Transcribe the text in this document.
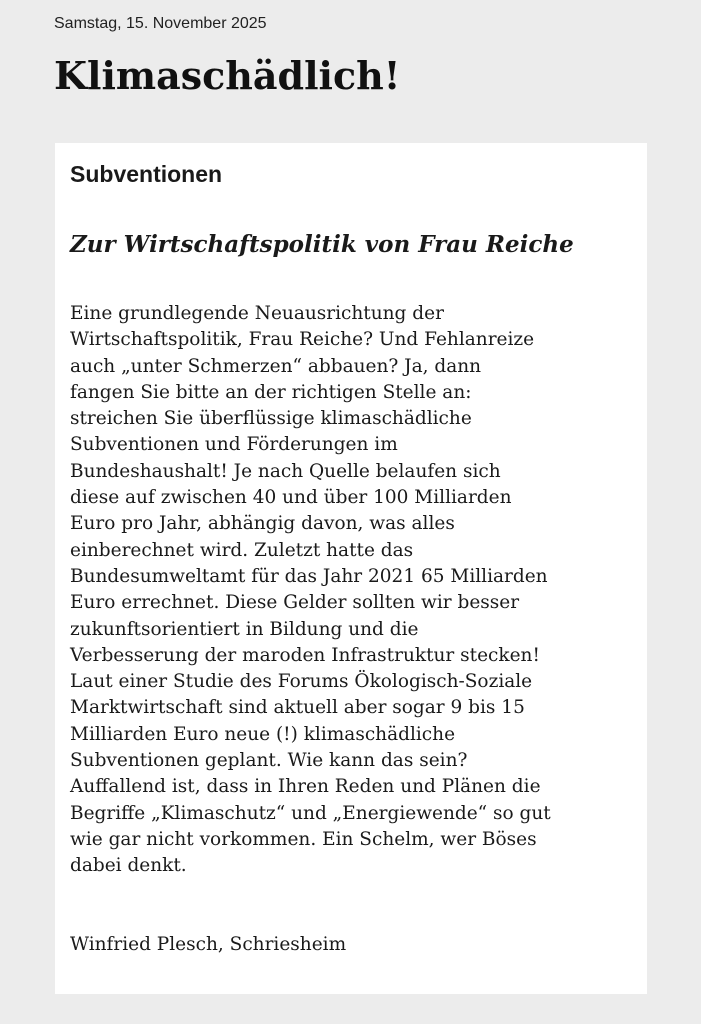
Samstag, 15. November 2025

Klimaschädlich!
Subventionen
Zur Wirtschaftspolitik von Frau Reiche
Eine grundlegende Neuausrichtung der
Wirtschaftspolitik, Frau Reiche? Und Fehlanreize
auch „unter Schmerzen“ abbauen? Ja, dann
fangen Sie bitte an der richtigen Stelle an:
streichen Sie überflüssige klimaschädliche
Subventionen und Förderungen im
Bundeshaushalt! Je nach Quelle belaufen sich
diese auf zwischen 40 und über 100 Milliarden
Euro pro Jahr, abhängig davon, was alles
einberechnet wird. Zuletzt hatte das
Bundesumweltamt für das Jahr 2021 65 Milliarden
Euro errechnet. Diese Gelder sollten wir besser
zukunftsorientiert in Bildung und die
Verbesserung der maroden Infrastruktur stecken!
Laut einer Studie des Forums Ökologisch-Soziale
Marktwirtschaft sind aktuell aber sogar 9 bis 15
Milliarden Euro neue (!) klimaschädliche
Subventionen geplant. Wie kann das sein?
Auffallend ist, dass in Ihren Reden und Plänen die
Begriffe „Klimaschutz“ und „Energiewende“ so gut
wie gar nicht vorkommen. Ein Schelm, wer Böses
dabei denkt.

Winfried Plesch, Schriesheim
